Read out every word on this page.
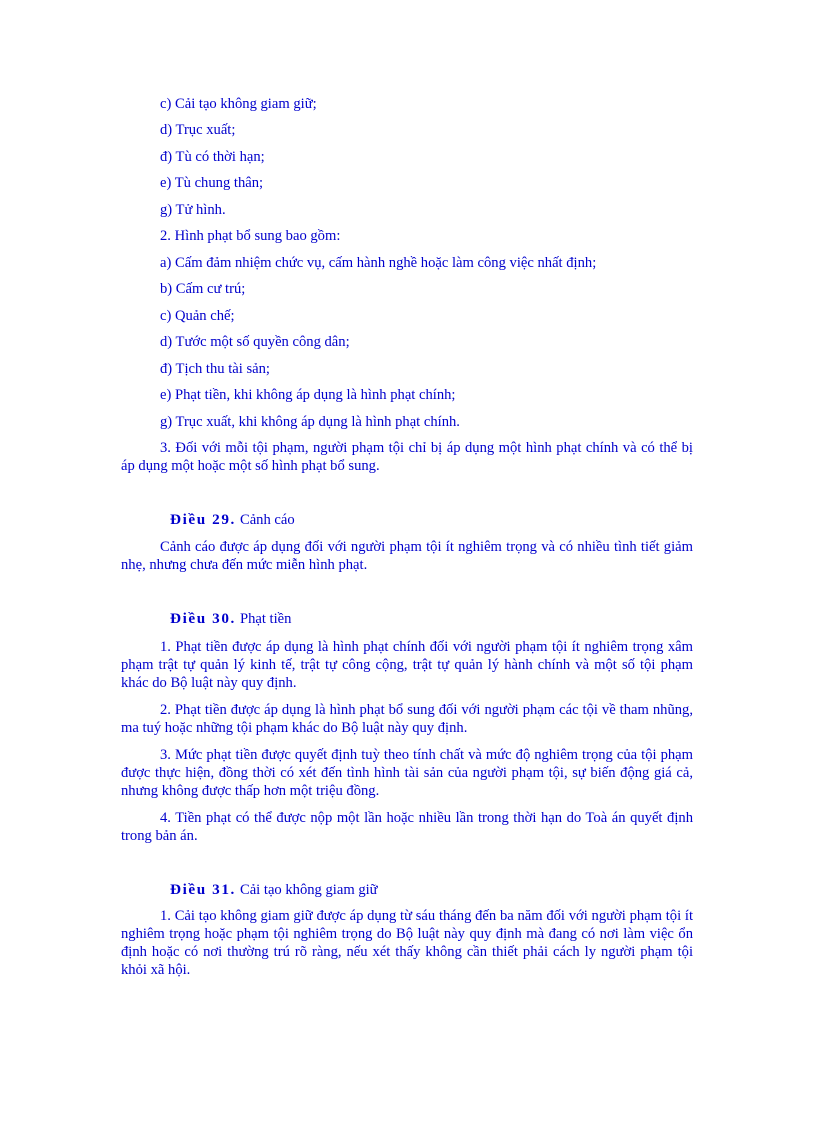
c) Cải tạo không giam giữ;
d) Trục xuất;
đ) Tù có thời hạn;
e) Tù chung thân;
g) Tử hình.
2. Hình phạt bổ sung bao gồm:
a) Cấm đảm nhiệm chức vụ, cấm hành nghề hoặc làm công việc nhất định;
b) Cấm cư trú;
c) Quản chế;
d) Tước một số quyền công dân;
đ) Tịch thu tài sản;
e) Phạt tiền, khi không áp dụng là hình phạt chính;
g) Trục xuất, khi không áp dụng là hình phạt chính.
3. Đối với mỗi tội phạm, người phạm tội chỉ bị áp dụng một hình phạt chính và có thể bị áp dụng một hoặc một số hình phạt bổ sung.
Điều 29. Cảnh cáo
Cảnh cáo được áp dụng đối với người phạm tội ít nghiêm trọng và có nhiều tình tiết giảm nhẹ, nhưng chưa đến mức miễn hình phạt.
Điều 30. Phạt tiền
1. Phạt tiền được áp dụng là hình phạt chính đối với người phạm tội ít nghiêm trọng xâm phạm trật tự quản lý kinh tế, trật tự công cộng, trật tự quản lý hành chính và một số tội phạm khác do Bộ luật này quy định.
2. Phạt tiền được áp dụng là hình phạt bổ sung đối với người phạm các tội về tham nhũng, ma tuý hoặc những tội phạm khác do Bộ luật này quy định.
3. Mức phạt tiền được quyết định tuỳ theo tính chất và mức độ nghiêm trọng của tội phạm được thực hiện, đồng thời có xét đến tình hình tài sản của người phạm tội, sự biến động giá cả, nhưng không được thấp hơn một triệu đồng.
4. Tiền phạt có thể được nộp một lần hoặc nhiều lần trong thời hạn do Toà án quyết định trong bản án.
Điều 31. Cải tạo không giam giữ
1. Cải tạo không giam giữ được áp dụng từ sáu tháng đến ba năm đối với người phạm tội ít nghiêm trọng hoặc phạm tội nghiêm trọng do Bộ luật này quy định mà đang có nơi làm việc ổn định hoặc có nơi thường trú rõ ràng, nếu xét thấy không cần thiết phải cách ly người phạm tội khỏi xã hội.
